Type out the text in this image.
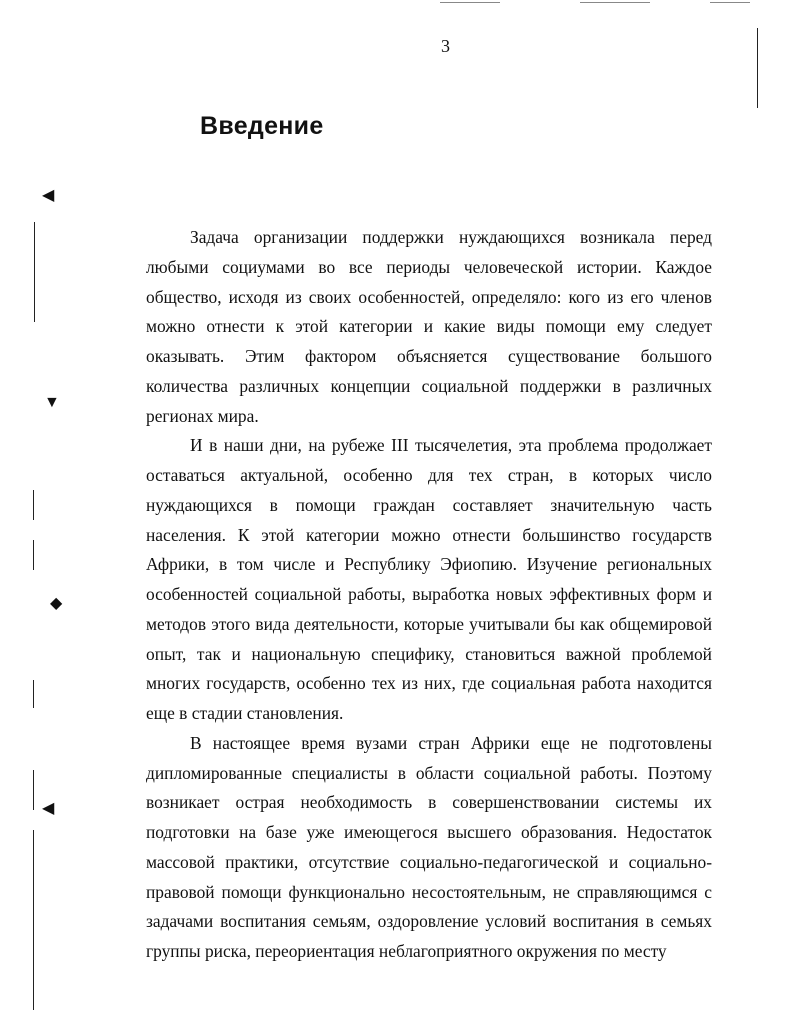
◀
▼
◆
◀
3
Введение

Задача организации поддержки нуждающихся возникала перед любыми социумами во все периоды человеческой истории. Каждое общество, исходя из своих особенностей, определяло: кого из его членов можно отнести к этой категории и какие виды помощи ему следует оказывать. Этим фактором объясняется существование большого количества различных концепции социальной поддержки в различных регионах мира.

И в наши дни, на рубеже III тысячелетия, эта проблема продолжает оставаться актуальной, особенно для тех стран, в которых число нуждающихся в помощи граждан составляет значительную часть населения. К этой категории можно отнести большинство государств Африки, в том числе и Республику Эфиопию. Изучение региональных особенностей социальной работы, выработка новых эффективных форм и методов этого вида деятельности, которые учитывали бы как общемировой опыт, так и национальную специфику, становиться важной проблемой многих государств, особенно тех из них, где социальная работа находится еще в стадии становления.

В настоящее время вузами стран Африки еще не подготовлены дипломированные специалисты в области социальной работы. Поэтому возникает острая необходимость в совершенствовании системы их подготовки на базе уже имеющегося высшего образования. Недостаток массовой практики, отсутствие социально-педагогической и социально-правовой помощи функционально несостоятельным, не справляющимся с задачами воспитания семьям, оздоровление условий воспитания в семьях группы риска, переориентация неблагоприятного окружения по месту
